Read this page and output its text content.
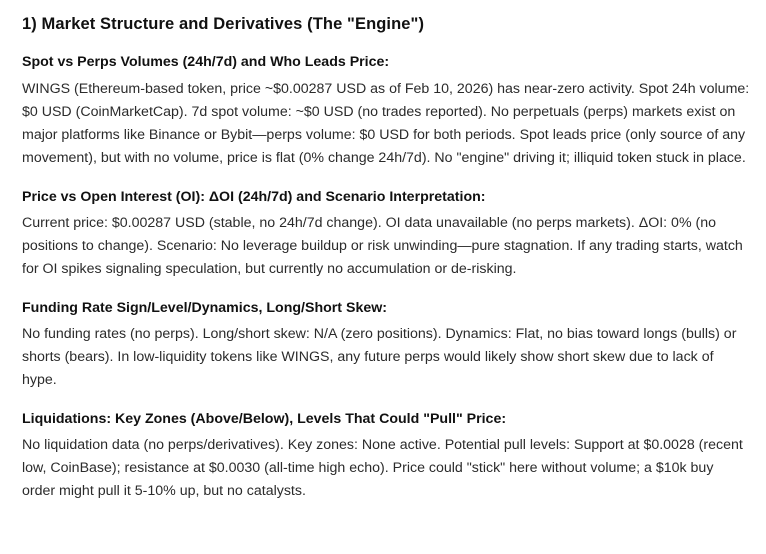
1) Market Structure and Derivatives (The "Engine")
Spot vs Perps Volumes (24h/7d) and Who Leads Price:

WINGS (Ethereum-based token, price ~$0.00287 USD as of Feb 10, 2026) has near-zero activity. Spot 24h volume: $0 USD (CoinMarketCap). 7d spot volume: ~$0 USD (no trades reported). No perpetuals (perps) markets exist on major platforms like Binance or Bybit—perps volume: $0 USD for both periods. Spot leads price (only source of any movement), but with no volume, price is flat (0% change 24h/7d). No "engine" driving it; illiquid token stuck in place.

Price vs Open Interest (OI): ΔOI (24h/7d) and Scenario Interpretation:

Current price: $0.00287 USD (stable, no 24h/7d change). OI data unavailable (no perps markets). ΔOI: 0% (no positions to change). Scenario: No leverage buildup or risk unwinding—pure stagnation. If any trading starts, watch for OI spikes signaling speculation, but currently no accumulation or de-risking.

Funding Rate Sign/Level/Dynamics, Long/Short Skew:

No funding rates (no perps). Long/short skew: N/A (zero positions). Dynamics: Flat, no bias toward longs (bulls) or shorts (bears). In low-liquidity tokens like WINGS, any future perps would likely show short skew due to lack of hype.

Liquidations: Key Zones (Above/Below), Levels That Could "Pull" Price:

No liquidation data (no perps/derivatives). Key zones: None active. Potential pull levels: Support at $0.0028 (recent low, CoinBase); resistance at $0.0030 (all-time high echo). Price could "stick" here without volume; a $10k buy order might pull it 5-10% up, but no catalysts.
